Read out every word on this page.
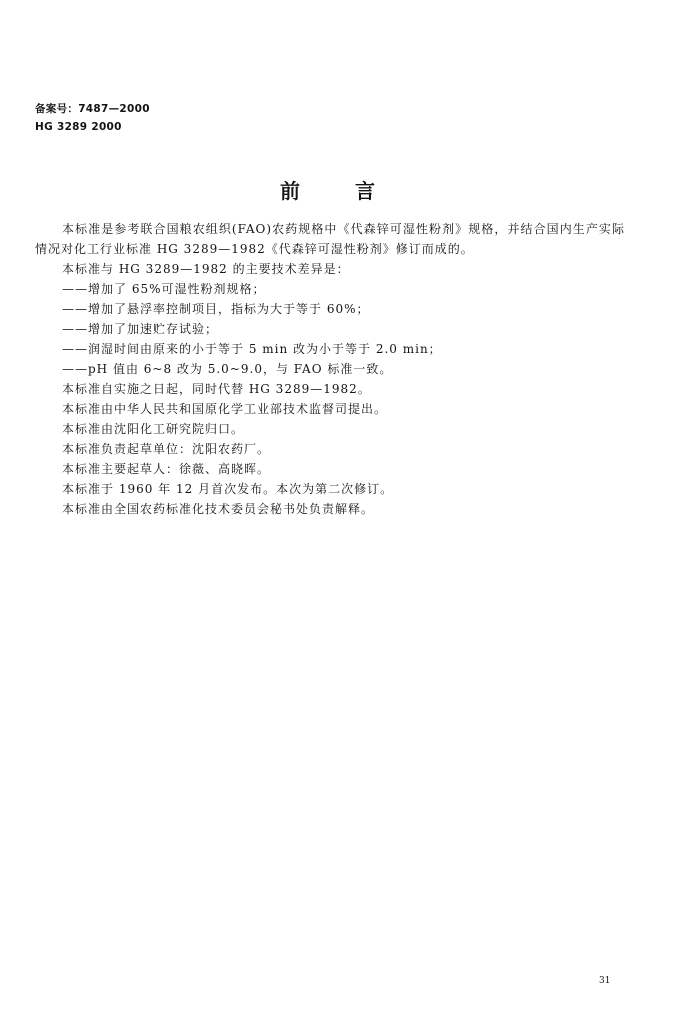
备案号：7487—2000
HG 3289 2000
前言
本标准是参考联合国粮农组织(FAO)农药规格中《代森锌可湿性粉剂》规格，并结合国内生产实际
情况对化工行业标准 HG 3289—1982《代森锌可湿性粉剂》修订而成的。
本标准与 HG 3289—1982 的主要技术差异是：
——增加了 65%可湿性粉剂规格；
——增加了悬浮率控制项目，指标为大于等于 60%；
——增加了加速贮存试验；
——润湿时间由原来的小于等于 5 min 改为小于等于 2.0 min；
——pH 值由 6~8 改为 5.0~9.0，与 FAO 标准一致。
本标准自实施之日起，同时代替 HG 3289—1982。
本标准由中华人民共和国原化学工业部技术监督司提出。
本标准由沈阳化工研究院归口。
本标准负责起草单位：沈阳农药厂。
本标准主要起草人：徐薇、高晓晖。
本标准于 1960 年 12 月首次发布。本次为第二次修订。
本标准由全国农药标准化技术委员会秘书处负责解释。
31
